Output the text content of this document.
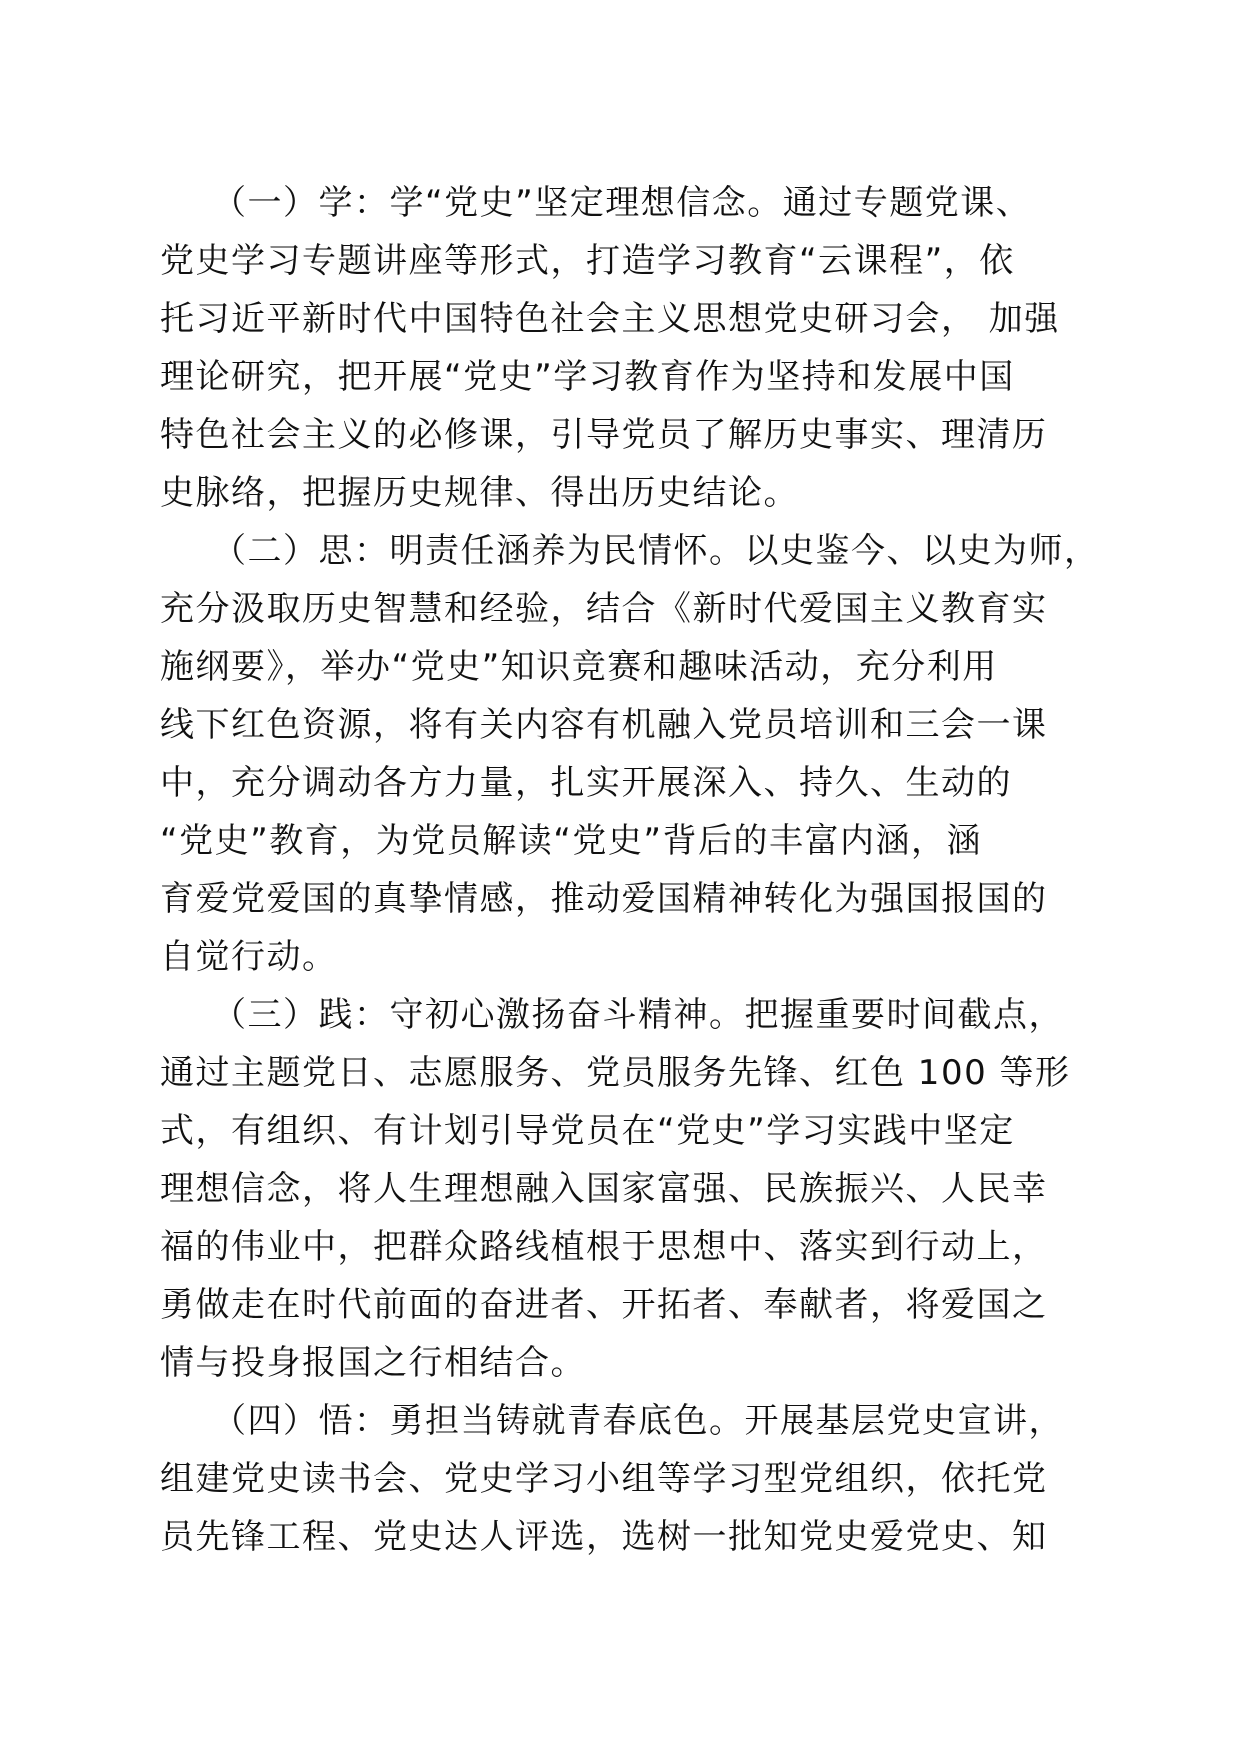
（一）学：学“党史”坚定理想信念。通过专题党课、
党史学习专题讲座等形式，打造学习教育“云课程”，依
托习近平新时代中国特色社会主义思想党史研习会， 加强
理论研究，把开展“党史”学习教育作为坚持和发展中国
特色社会主义的必修课，引导党员了解历史事实、理清历
史脉络，把握历史规律、得出历史结论。
（二）思：明责任涵养为民情怀。以史鉴今、以史为师，
充分汲取历史智慧和经验，结合《新时代爱国主义教育实
施纲要》，举办“党史”知识竞赛和趣味活动，充分利用
线下红色资源，将有关内容有机融入党员培训和三会一课
中，充分调动各方力量，扎实开展深入、持久、生动的
“党史”教育，为党员解读“党史”背后的丰富内涵，涵
育爱党爱国的真挚情感，推动爱国精神转化为强国报国的
自觉行动。
（三）践：守初心激扬奋斗精神。把握重要时间截点，
通过主题党日、志愿服务、党员服务先锋、红色 100 等形
式，有组织、有计划引导党员在“党史”学习实践中坚定
理想信念，将人生理想融入国家富强、民族振兴、人民幸
福的伟业中，把群众路线植根于思想中、落实到行动上，
勇做走在时代前面的奋进者、开拓者、奉献者，将爱国之
情与投身报国之行相结合。
（四）悟：勇担当铸就青春底色。开展基层党史宣讲，
组建党史读书会、党史学习小组等学习型党组织，依托党
员先锋工程、党史达人评选，选树一批知党史爱党史、知
